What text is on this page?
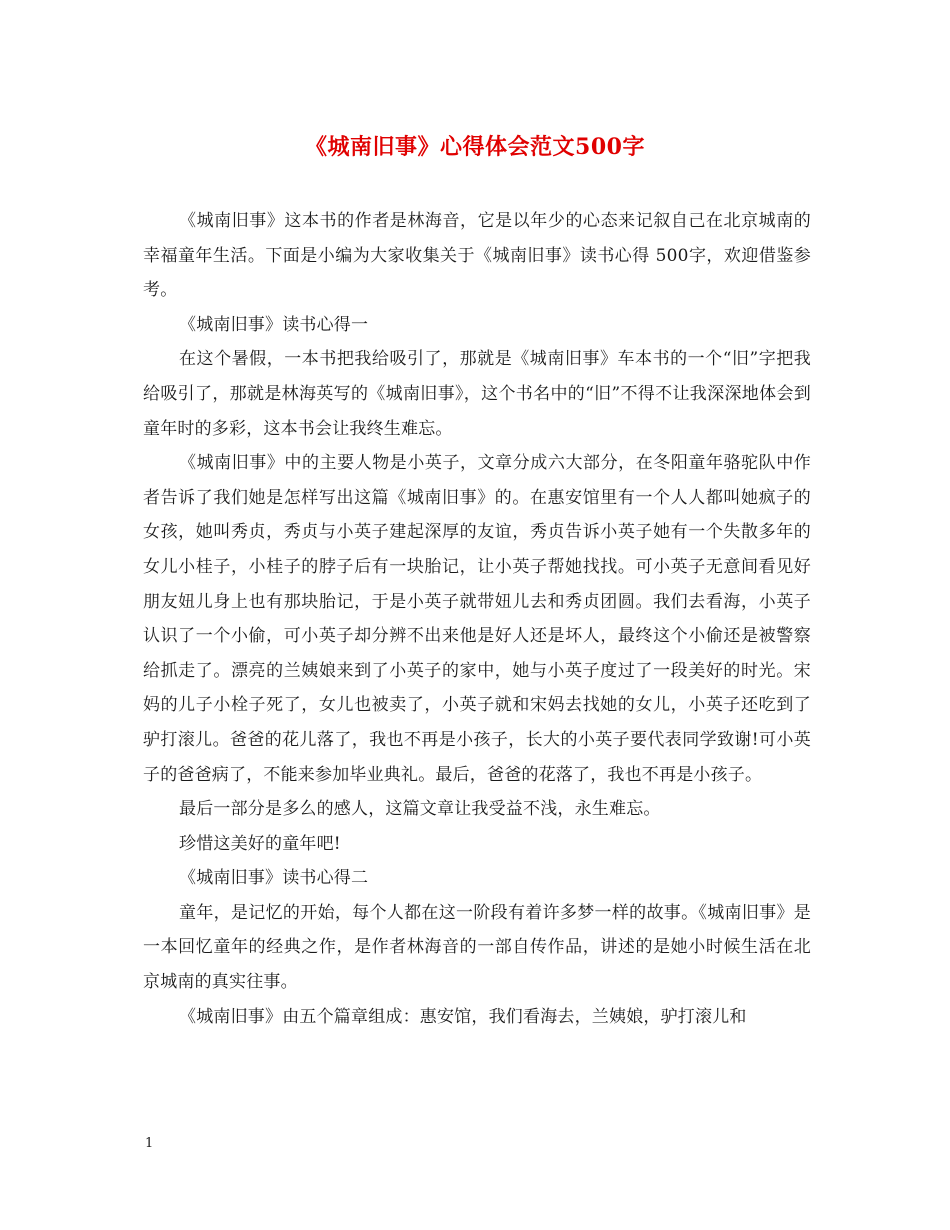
《城南旧事》心得体会范文500字

《城南旧事》这本书的作者是林海音，它是以年少的心态来记叙自己在北京城南的幸福童年生活。下面是小编为大家收集关于《城南旧事》读书心得 500字，欢迎借鉴参考。

《城南旧事》读书心得一

在这个暑假，一本书把我给吸引了，那就是《城南旧事》车本书的一个“旧”字把我给吸引了，那就是林海英写的《城南旧事》，这个书名中的“旧”不得不让我深深地体会到童年时的多彩，这本书会让我终生难忘。

《城南旧事》中的主要人物是小英子，文章分成六大部分，在冬阳童年骆驼队中作者告诉了我们她是怎样写出这篇《城南旧事》的。在惠安馆里有一个人人都叫她疯子的女孩，她叫秀贞，秀贞与小英子建起深厚的友谊，秀贞告诉小英子她有一个失散多年的女儿小桂子，小桂子的脖子后有一块胎记，让小英子帮她找找。可小英子无意间看见好朋友妞儿身上也有那块胎记，于是小英子就带妞儿去和秀贞团圆。我们去看海，小英子认识了一个小偷，可小英子却分辨不出来他是好人还是坏人，最终这个小偷还是被警察给抓走了。漂亮的兰姨娘来到了小英子的家中，她与小英子度过了一段美好的时光。宋妈的儿子小栓子死了，女儿也被卖了，小英子就和宋妈去找她的女儿，小英子还吃到了驴打滚儿。爸爸的花儿落了，我也不再是小孩子，长大的小英子要代表同学致谢!可小英子的爸爸病了，不能来参加毕业典礼。最后，爸爸的花落了，我也不再是小孩子。

最后一部分是多么的感人，这篇文章让我受益不浅，永生难忘。

珍惜这美好的童年吧!

《城南旧事》读书心得二

童年，是记忆的开始，每个人都在这一阶段有着许多梦一样的故事。《城南旧事》是一本回忆童年的经典之作，是作者林海音的一部自传作品，讲述的是她小时候生活在北京城南的真实往事。

《城南旧事》由五个篇章组成：惠安馆，我们看海去，兰姨娘，驴打滚儿和

1
